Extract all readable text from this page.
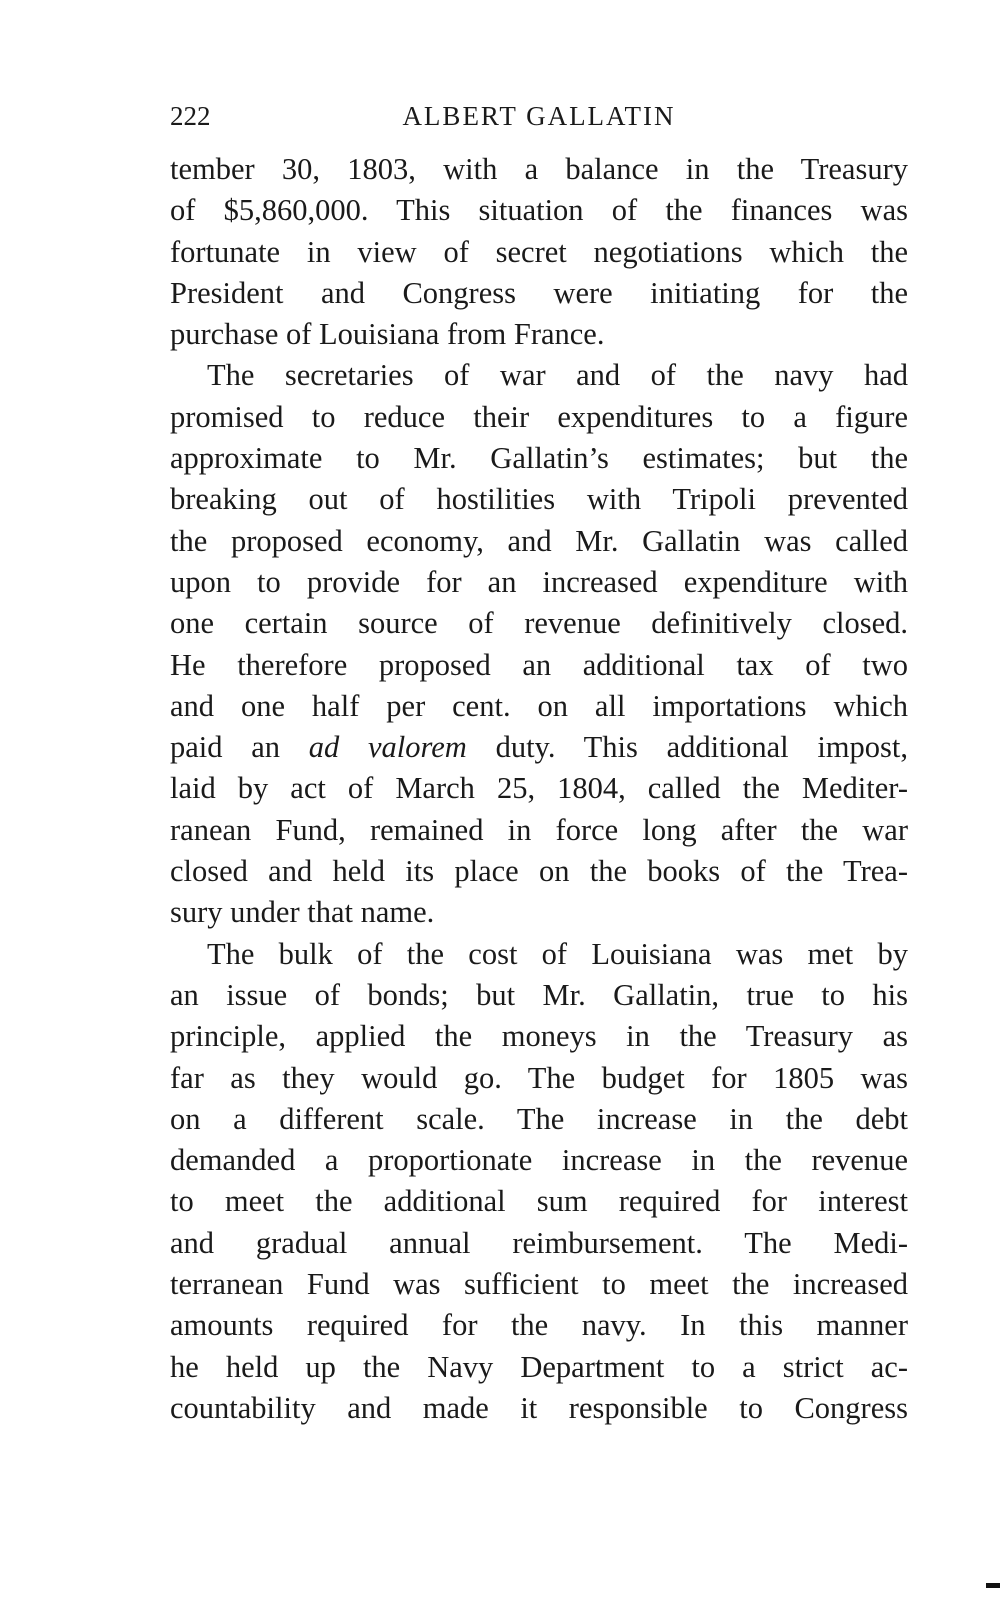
222	ALBERT GALLATIN
tember 30, 1803, with a balance in the Treasury
of $5,860,000. This situation of the finances was
fortunate in view of secret negotiations which the
President and Congress were initiating for the
purchase of Louisiana from France.
The secretaries of war and of the navy had
promised to reduce their expenditures to a figure
approximate to Mr. Gallatin’s estimates; but the
breaking out of hostilities with Tripoli prevented
the proposed economy, and Mr. Gallatin was called
upon to provide for an increased expenditure with
one certain source of revenue definitively closed.
He therefore proposed an additional tax of two
and one half per cent. on all importations which
paid an ad valorem duty. This additional impost,
laid by act of March 25, 1804, called the Mediter-
ranean Fund, remained in force long after the war
closed and held its place on the books of the Trea-
sury under that name.
The bulk of the cost of Louisiana was met by
an issue of bonds; but Mr. Gallatin, true to his
principle, applied the moneys in the Treasury as
far as they would go. The budget for 1805 was
on a different scale. The increase in the debt
demanded a proportionate increase in the revenue
to meet the additional sum required for interest
and gradual annual reimbursement. The Medi-
terranean Fund was sufficient to meet the increased
amounts required for the navy. In this manner
he held up the Navy Department to a strict ac-
countability and made it responsible to Congress
